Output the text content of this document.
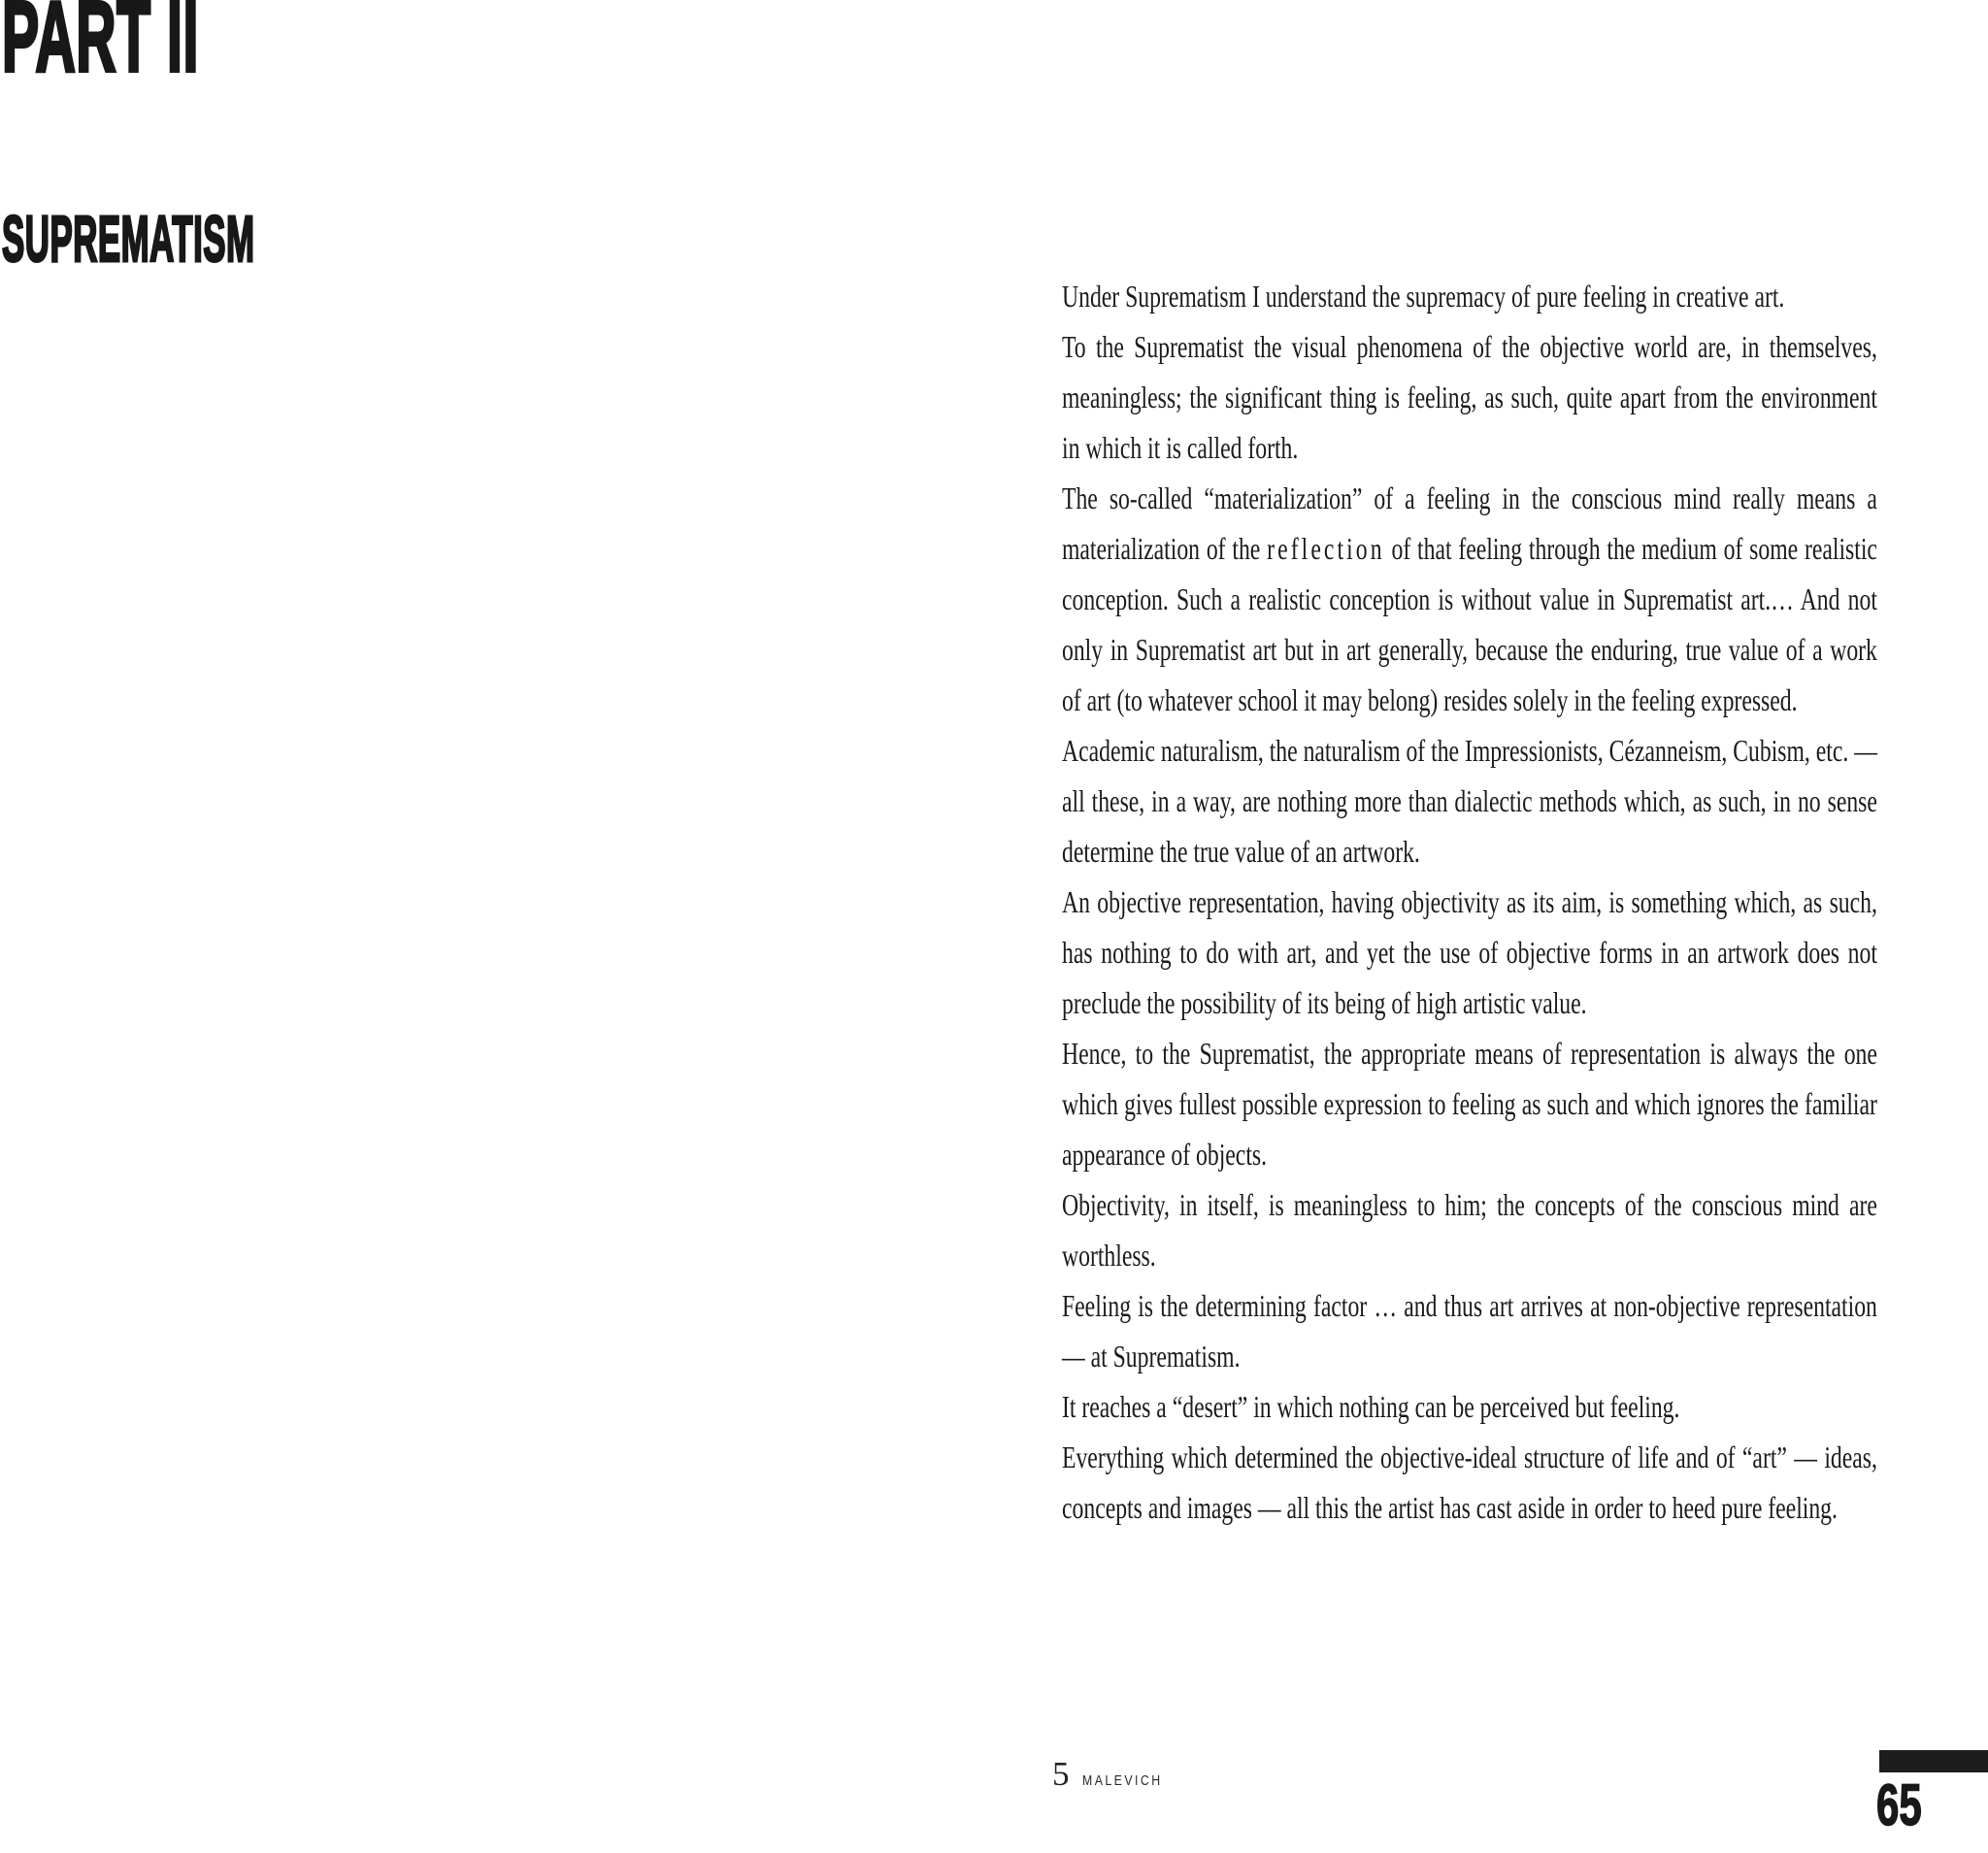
PART II
SUPREMATISM

Under Suprematism I understand the supremacy of pure feeling in creative art.

To the Suprematist the visual phenomena of the objective world are, in themselves, meaningless; the significant thing is feeling, as such, quite apart from the environment in which it is called forth.

The so-called “materialization” of a feeling in the conscious mind really means a materialization of the reflection of that feeling through the medium of some realistic conception. Such a realistic conception is without value in Suprematist art.… And not only in Suprematist art but in art generally, because the enduring, true value of a work of art (to whatever school it may belong) resides solely in the feeling expressed.

Academic naturalism, the naturalism of the Impressionists, Cézanneism, Cubism, etc. — all these, in a way, are nothing more than dialectic methods which, as such, in no sense determine the true value of an artwork.

An objective representation, having objectivity as its aim, is something which, as such, has nothing to do with art, and yet the use of objective forms in an artwork does not preclude the possibility of its being of high artistic value.

Hence, to the Suprematist, the appropriate means of representation is always the one which gives fullest possible expression to feeling as such and which ignores the familiar appearance of objects.

Objectivity, in itself, is meaningless to him; the concepts of the conscious mind are worthless.

Feeling is the determining factor … and thus art arrives at non-objective representation — at Suprematism.

It reaches a “desert” in which nothing can be perceived but feeling.

Everything which determined the objective-ideal structure of life and of “art” — ideas, concepts and images — all this the artist has cast aside in order to heed pure feeling.

5 MALEVICH	65
